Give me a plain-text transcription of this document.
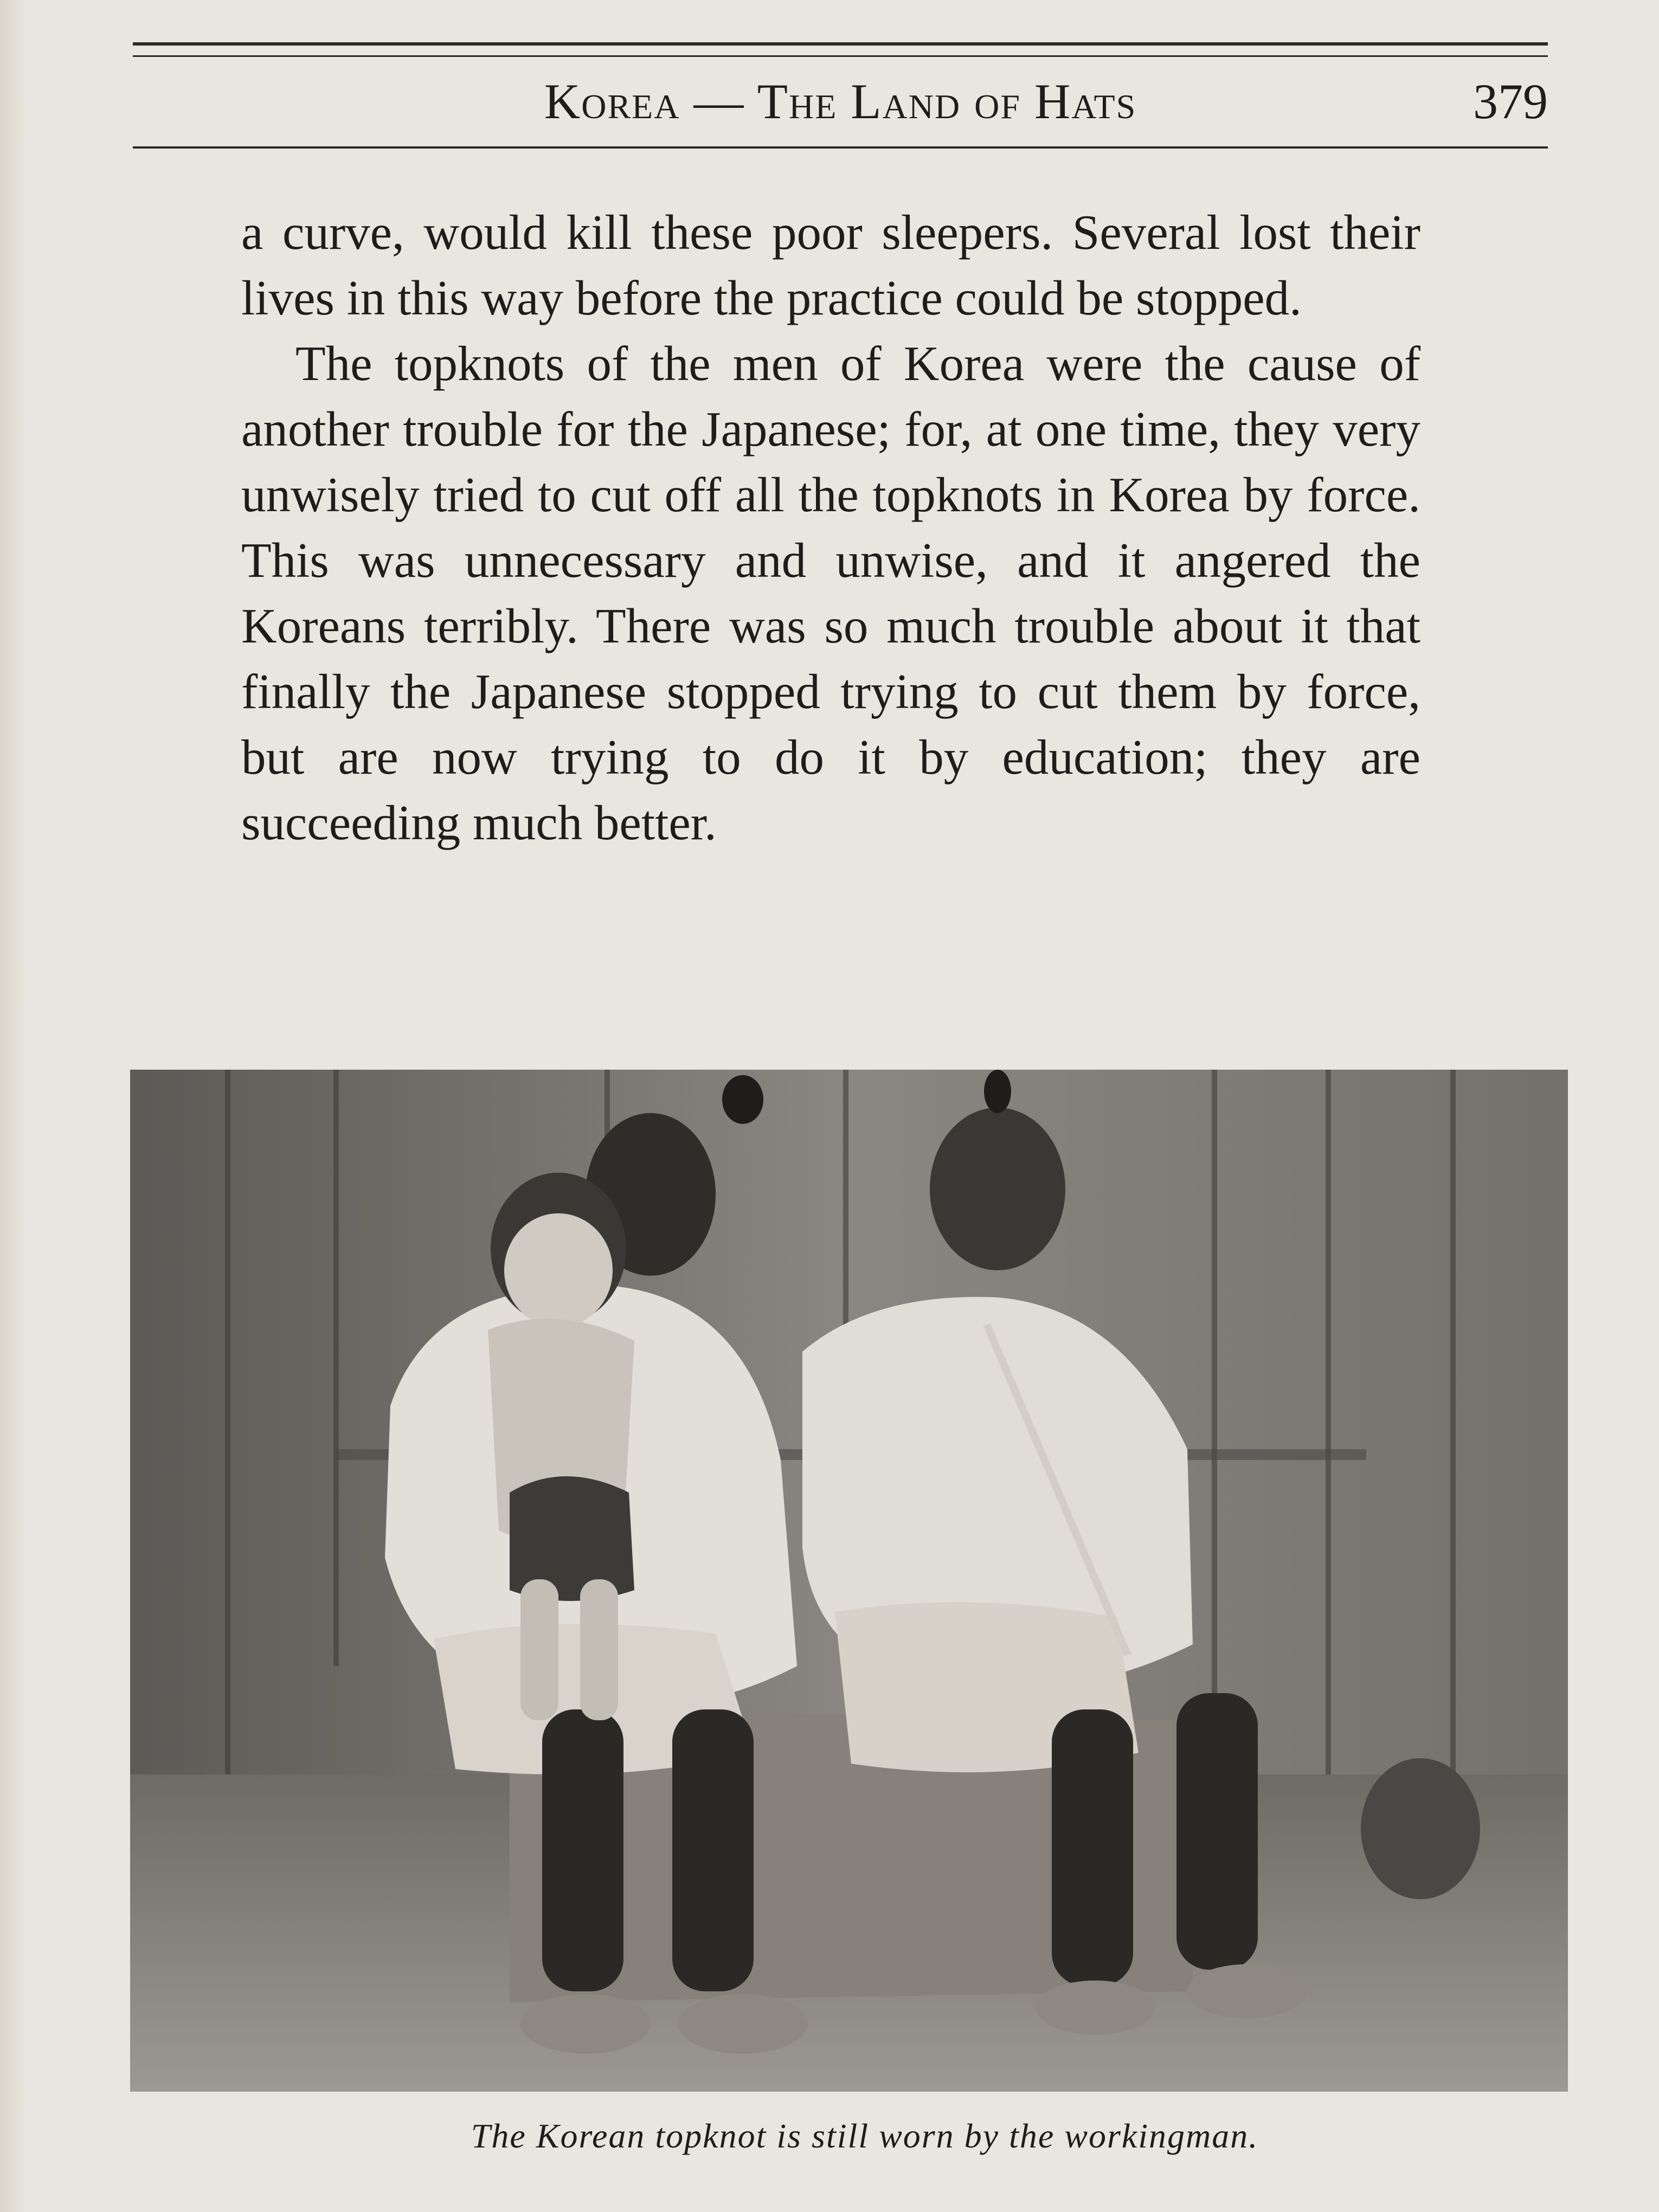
Korea — The Land of Hats	379

a curve, would kill these poor sleepers. Several lost their lives in this way before the practice could be stopped.

The topknots of the men of Korea were the cause of another trouble for the Japanese; for, at one time, they very unwisely tried to cut off all the topknots in Korea by force. This was unnecessary and unwise, and it angered the Koreans terribly. There was so much trouble about it that finally the Japanese stopped trying to cut them by force, but are now trying to do it by education; they are succeeding much better.

The Korean topknot is still worn by the workingman.
